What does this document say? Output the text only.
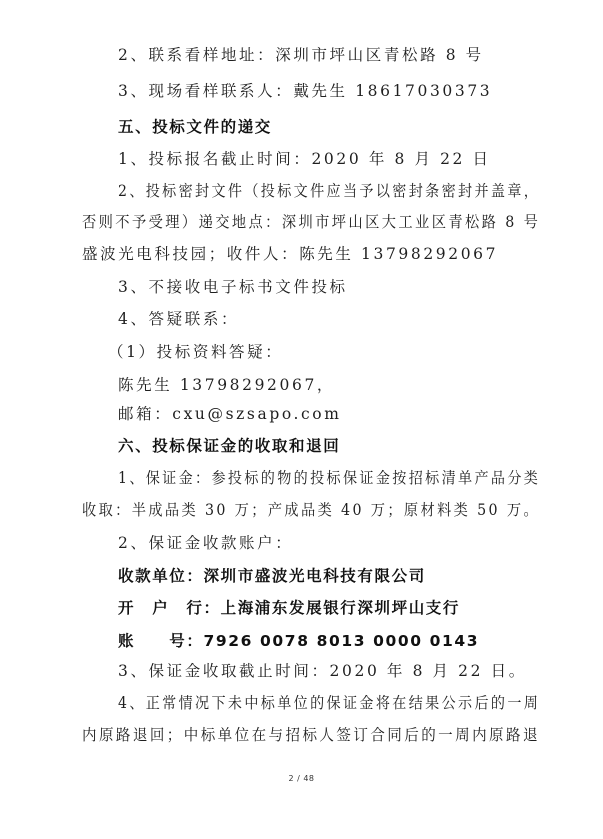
2、联系看样地址：深圳市坪山区青松路 8 号
3、现场看样联系人：戴先生 18617030373
五、投标文件的递交
1、投标报名截止时间：2020 年 8 月 22 日
2、投标密封文件（投标文件应当予以密封条密封并盖章，
否则不予受理）递交地点：深圳市坪山区大工业区青松路 8 号
盛波光电科技园；收件人：陈先生 13798292067
3、不接收电子标书文件投标
4、答疑联系：
（1）投标资料答疑：
陈先生 13798292067，
邮箱：cxu@szsapo.com
六、投标保证金的收取和退回
1、保证金：参投标的物的投标保证金按招标清单产品分类
收取：半成品类 30 万；产成品类 40 万；原材料类 50 万。
2、保证金收款账户：
收款单位：深圳市盛波光电科技有限公司
开　户　行：上海浦东发展银行深圳坪山支行
账　　号：7926 0078 8013 0000 0143
3、保证金收取截止时间：2020 年 8 月 22 日。
4、正常情况下未中标单位的保证金将在结果公示后的一周
内原路退回；中标单位在与招标人签订合同后的一周内原路退
2 / 48
